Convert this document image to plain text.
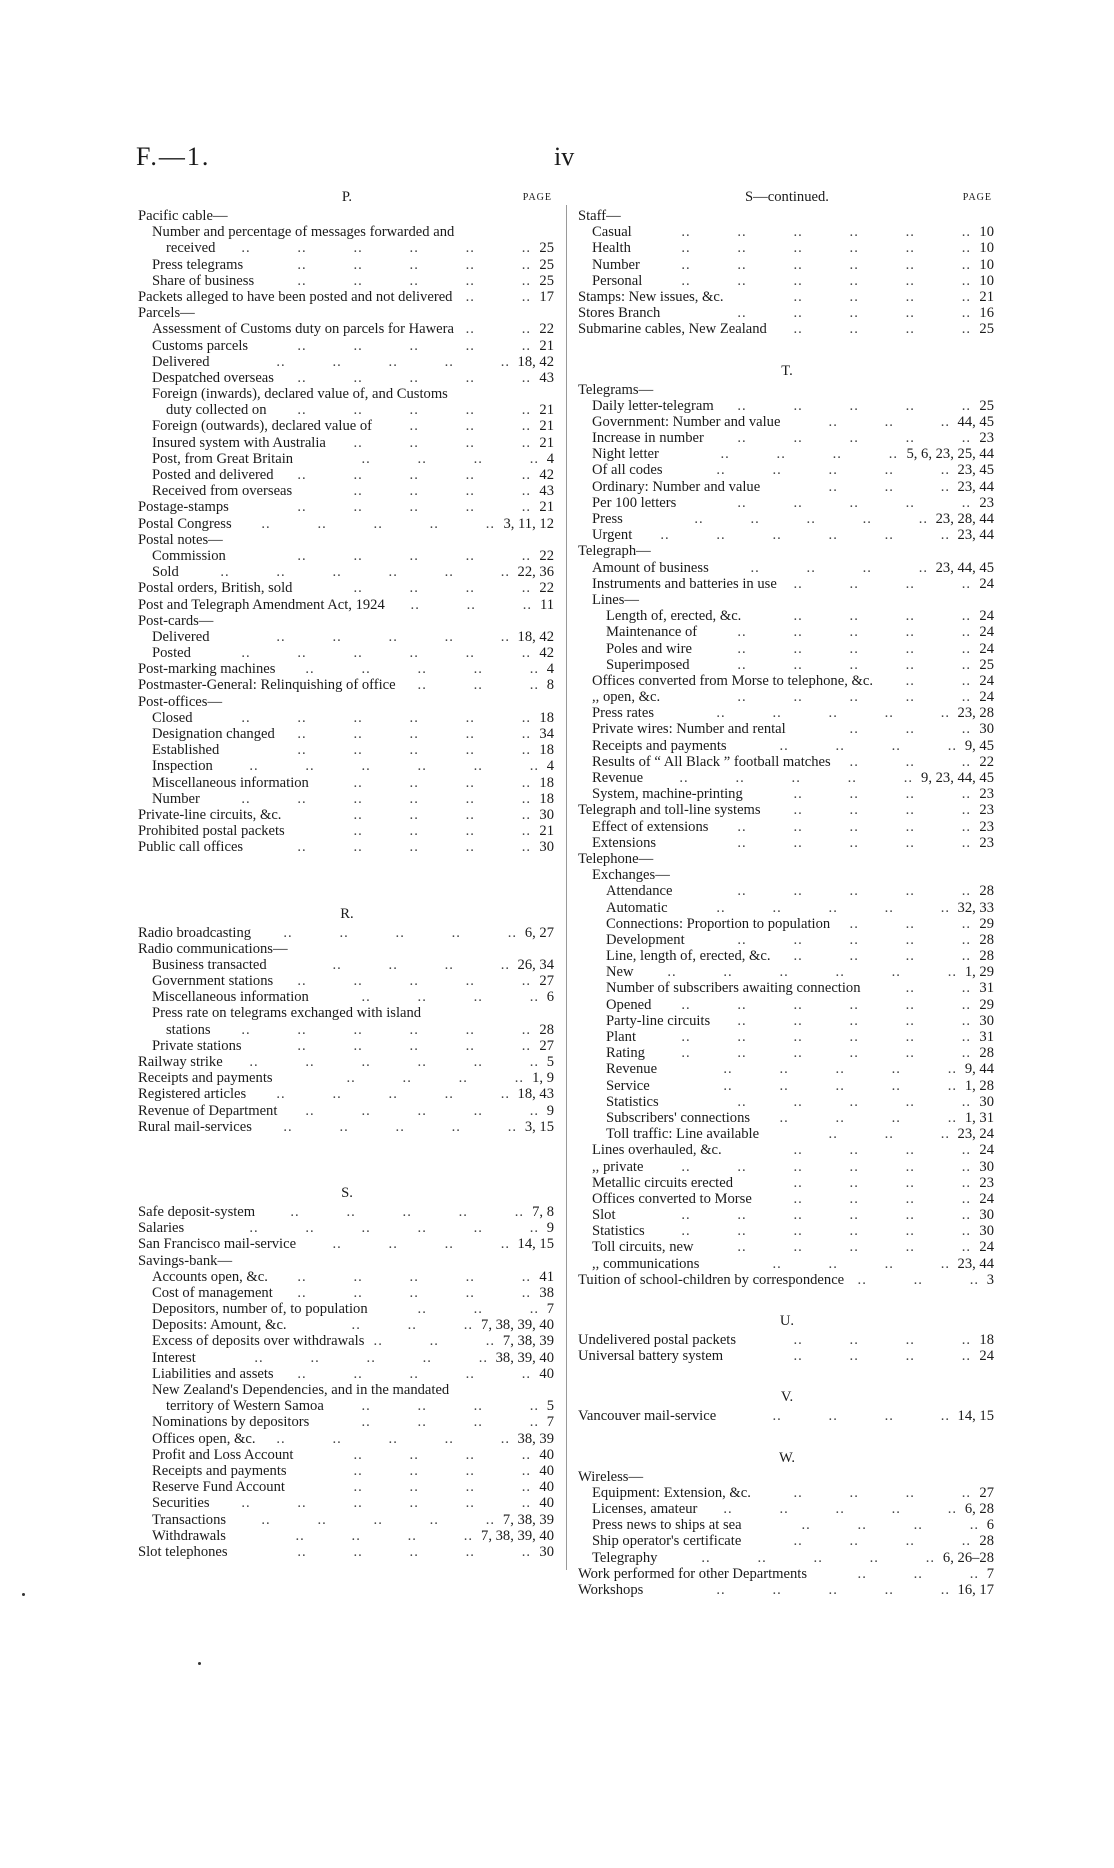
F.—1.	iv
P.	PAGE
Pacific cable—
Number and percentage of messages forwarded and
received ..   ..   ..   ..   ..   .. 25
Press telegrams	..   ..   ..   ..   .. 25
Share of business	..   ..   ..   ..   .. 25
Packets alleged to have been posted and not delivered ..   .. 17
Parcels—
Assessment of Customs duty on parcels for Hawera ..   .. 22
Customs parcels	..   ..   ..   ..   .. 21
Delivered	..   ..   ..   ..   .. 18, 42
Despatched overseas ..   ..   ..   ..   .. 43
Foreign (inwards), declared value of, and Customs
duty collected on ..   ..   ..   ..   .. 21
Foreign (outwards), declared value of	..   ..   .. 21
Insured system with Australia ..   ..   ..   .. 21
Post, from Great Britain	..   ..   ..   .. 4
Posted and delivered ..   ..   ..   ..   .. 42
Received from overseas	..   ..   ..   .. 43
Postage-stamps	..   ..   ..   ..   .. 21
Postal Congress ..   ..   ..   ..   .. 3, 11, 12
Postal notes—
Commission	..   ..   ..   ..   .. 22
Sold	..   ..   ..   ..   ..   .. 22, 36
Postal orders, British, sold	..   ..   ..   .. 22
Post and Telegraph Amendment Act, 1924 ..   ..   .. 11
Post-cards—
Delivered	..   ..   ..   ..   .. 18, 42
Posted	..   ..   ..   ..   ..   .. 42
Post-marking machines ..   ..   ..   ..   .. 4
Postmaster-General: Relinquishing of office ..   ..   .. 8
Post-offices—
Closed	..   ..   ..   ..   ..   .. 18
Designation changed ..   ..   ..   ..   .. 34
Established	..   ..   ..   ..   .. 18
Inspection	..   ..   ..   ..   ..   .. 4
Miscellaneous information	..   ..   ..   .. 18
Number	..   ..   ..   ..   ..   .. 18
Private-line circuits, &c.	..   ..   ..   .. 30
Prohibited postal packets	..   ..   ..   .. 21
Public call offices	..   ..   ..   ..   .. 30
R.
Radio broadcasting ..   ..   ..   ..   .. 6, 27
Radio communications—
Business transacted	..   ..   ..   .. 26, 34
Government stations ..   ..   ..   ..   .. 27
Miscellaneous information	..   ..   ..   .. 6
Press rate on telegrams exchanged with island
stations ..   ..   ..   ..   ..   .. 28
Private stations	..   ..   ..   ..   .. 27
Railway strike ..   ..   ..   ..   ..   .. 5
Receipts and payments	..   ..   ..   .. 1, 9
Registered articles ..   ..   ..   ..   .. 18, 43
Revenue of Department ..   ..   ..   ..   .. 9
Rural mail-services ..   ..   ..   ..   .. 3, 15
S.
Safe deposit-system ..   ..   ..   ..   .. 7, 8
Salaries	..   ..   ..   ..   ..   .. 9
San Francisco mail-service ..   ..   ..   .. 14, 15
Savings-bank—
Accounts open, &c. ..   ..   ..   ..   .. 41
Cost of management ..   ..   ..   ..   .. 38
Depositors, number of, to population	..   ..   .. 7
Deposits: Amount, &c.	..   ..   .. 7, 38, 39, 40
Excess of deposits over withdrawals ..   ..   .. 7, 38, 39
Interest	..   ..   ..   ..   .. 38, 39, 40
Liabilities and assets ..   ..   ..   ..   .. 40
New Zealand's Dependencies, and in the mandated
territory of Western Samoa	..   ..   ..   .. 5
Nominations by depositors	..   ..   ..   .. 7
Offices open, &c. ..   ..   ..   ..   .. 38, 39
Profit and Loss Account	..   ..   ..   .. 40
Receipts and payments	..   ..   ..   .. 40
Reserve Fund Account	..   ..   ..   .. 40
Securities ..   ..   ..   ..   ..   .. 40
Transactions ..   ..   ..   ..   .. 7, 38, 39
Withdrawals	..   ..   ..   .. 7, 38, 39, 40
Slot telephones	..   ..   ..   ..   .. 30
S—continued.	PAGE
Staff—
Casual	..   ..   ..   ..   ..   .. 10
Health	..   ..   ..   ..   ..   .. 10
Number	..   ..   ..   ..   ..   .. 10
Personal	..   ..   ..   ..   ..   .. 10
Stamps: New issues, &c.	..   ..   ..   .. 21
Stores Branch	..   ..   ..   ..   .. 16
Submarine cables, New Zealand ..   ..   ..   .. 25
T.
Telegrams—
Daily letter-telegram ..   ..   ..   ..   .. 25
Government: Number and value	..   ..   .. 44, 45
Increase in number ..   ..   ..   ..   .. 23
Night letter	..   ..   ..   .. 5, 6, 23, 25, 44
Of all codes	..   ..   ..   ..   .. 23, 45
Ordinary: Number and value	..   ..   .. 23, 44
Per 100 letters	..   ..   ..   ..   .. 23
Press	..   ..   ..   ..   .. 23, 28, 44
Urgent ..   ..   ..   ..   ..   .. 23, 44
Telegraph—
Amount of business	..   ..   ..   .. 23, 44, 45
Instruments and batteries in use ..   ..   ..   .. 24
Lines—
Length of, erected, &c.	..   ..   ..   .. 24
Maintenance of	..   ..   ..   ..   .. 24
Poles and wire	..   ..   ..   ..   .. 24
Superimposed	..   ..   ..   ..   .. 25
Offices converted from Morse to telephone, &c. ..   .. 24
,, open, &c.	..   ..   ..   ..   .. 24
Press rates	..   ..   ..   ..   .. 23, 28
Private wires: Number and rental	..   ..   .. 30
Receipts and payments	..   ..   ..   .. 9, 45
Results of “ All Black ” football matches ..   ..   .. 22
Revenue ..   ..   ..   ..   .. 9, 23, 44, 45
System, machine-printing	..   ..   ..   .. 23
Telegraph and toll-line systems ..   ..   ..   .. 23
Effect of extensions ..   ..   ..   ..   .. 23
Extensions	..   ..   ..   ..   .. 23
Telephone—
Exchanges—
Attendance	..   ..   ..   ..   .. 28
Automatic	..   ..   ..   ..   .. 32, 33
Connections: Proportion to population ..   ..   .. 29
Development	..   ..   ..   ..   .. 28
Line, length of, erected, &c. ..   ..   ..   .. 28
New ..   ..   ..   ..   ..   .. 1, 29
Number of subscribers awaiting connection	..   .. 31
Opened ..   ..   ..   ..   ..   .. 29
Party-line circuits ..   ..   ..   ..   .. 30
Plant	..   ..   ..   ..   ..   .. 31
Rating ..   ..   ..   ..   ..   .. 28
Revenue	..   ..   ..   ..   .. 9, 44
Service	..   ..   ..   ..   .. 1, 28
Statistics	..   ..   ..   ..   .. 30
Subscribers' connections ..   ..   ..   .. 1, 31
Toll traffic: Line available	..   ..   .. 23, 24
Lines overhauled, &c.	..   ..   ..   .. 24
,, private	..   ..   ..   ..   ..   .. 30
Metallic circuits erected	..   ..   ..   .. 23
Offices converted to Morse	..   ..   ..   .. 24
Slot	..   ..   ..   ..   ..   .. 30
Statistics	..   ..   ..   ..   ..   .. 30
Toll circuits, new	..   ..   ..   ..   .. 24
,, communications	..   ..   ..   .. 23, 44
Tuition of school-children by correspondence ..   ..   .. 3
U.
Undelivered postal packets	..   ..   ..   .. 18
Universal battery system	..   ..   ..   .. 24
V.
Vancouver mail-service	..   ..   ..   .. 14, 15
W.
Wireless—
Equipment: Extension, &c.	..   ..   ..   .. 27
Licenses, amateur ..   ..   ..   ..   .. 6, 28
Press news to ships at sea	..   ..   ..   .. 6
Ship operator's certificate	..   ..   ..   .. 28
Telegraphy	..   ..   ..   ..   .. 6, 26–28
Work performed for other Departments	..   ..   .. 7
Workshops	..   ..   ..   ..   .. 16, 17
